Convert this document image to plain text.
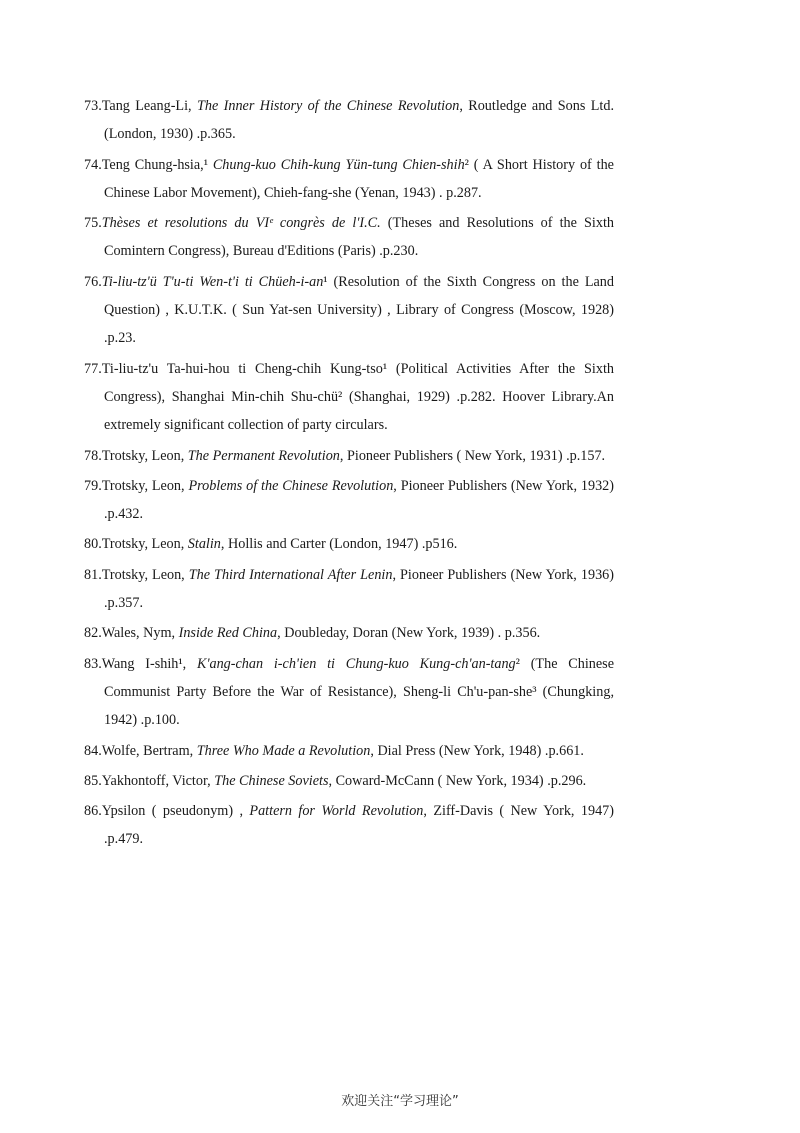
73.Tang Leang-Li, The Inner History of the Chinese Revolution, Routledge and Sons Ltd. (London, 1930) .p.365.
74.Teng Chung-hsia,¹ Chung-kuo Chih-kung Yün-tung Chien-shih² ( A Short History of the Chinese Labor Movement), Chieh-fang-she (Yenan, 1943) . p.287.
75.Thèses et resolutions du VIᵉ congrès de l'I.C. (Theses and Resolutions of the Sixth Comintern Congress), Bureau d'Editions (Paris) .p.230.
76.Ti-liu-tz'ü T'u-ti Wen-t'i ti Chüeh-i-an¹ (Resolution of the Sixth Congress on the Land Question) , K.U.T.K. ( Sun Yat-sen University) , Library of Congress (Moscow, 1928) .p.23.
77.Ti-liu-tz'u Ta-hui-hou ti Cheng-chih Kung-tso¹ (Political Activities After the Sixth Congress), Shanghai Min-chih Shu-chü² (Shanghai, 1929) .p.282. Hoover Library.An extremely significant collection of party circulars.
78.Trotsky, Leon, The Permanent Revolution, Pioneer Publishers ( New York, 1931) .p.157.
79.Trotsky, Leon, Problems of the Chinese Revolution, Pioneer Publishers (New York, 1932) .p.432.
80.Trotsky, Leon, Stalin, Hollis and Carter (London, 1947) .p516.
81.Trotsky, Leon, The Third International After Lenin, Pioneer Publishers (New York, 1936) .p.357.
82.Wales, Nym, Inside Red China, Doubleday, Doran (New York, 1939) . p.356.
83.Wang I-shih¹, K'ang-chan i-ch'ien ti Chung-kuo Kung-ch'an-tang² (The Chinese Communist Party Before the War of Resistance), Sheng-li Ch'u-pan-she³ (Chungking, 1942) .p.100.
84.Wolfe, Bertram, Three Who Made a Revolution, Dial Press (New York, 1948) .p.661.
85.Yakhontoff, Victor, The Chinese Soviets, Coward-McCann ( New York, 1934) .p.296.
86.Ypsilon ( pseudonym) , Pattern for World Revolution, Ziff-Davis ( New York, 1947) .p.479.
欢迎关注“学习理论”
